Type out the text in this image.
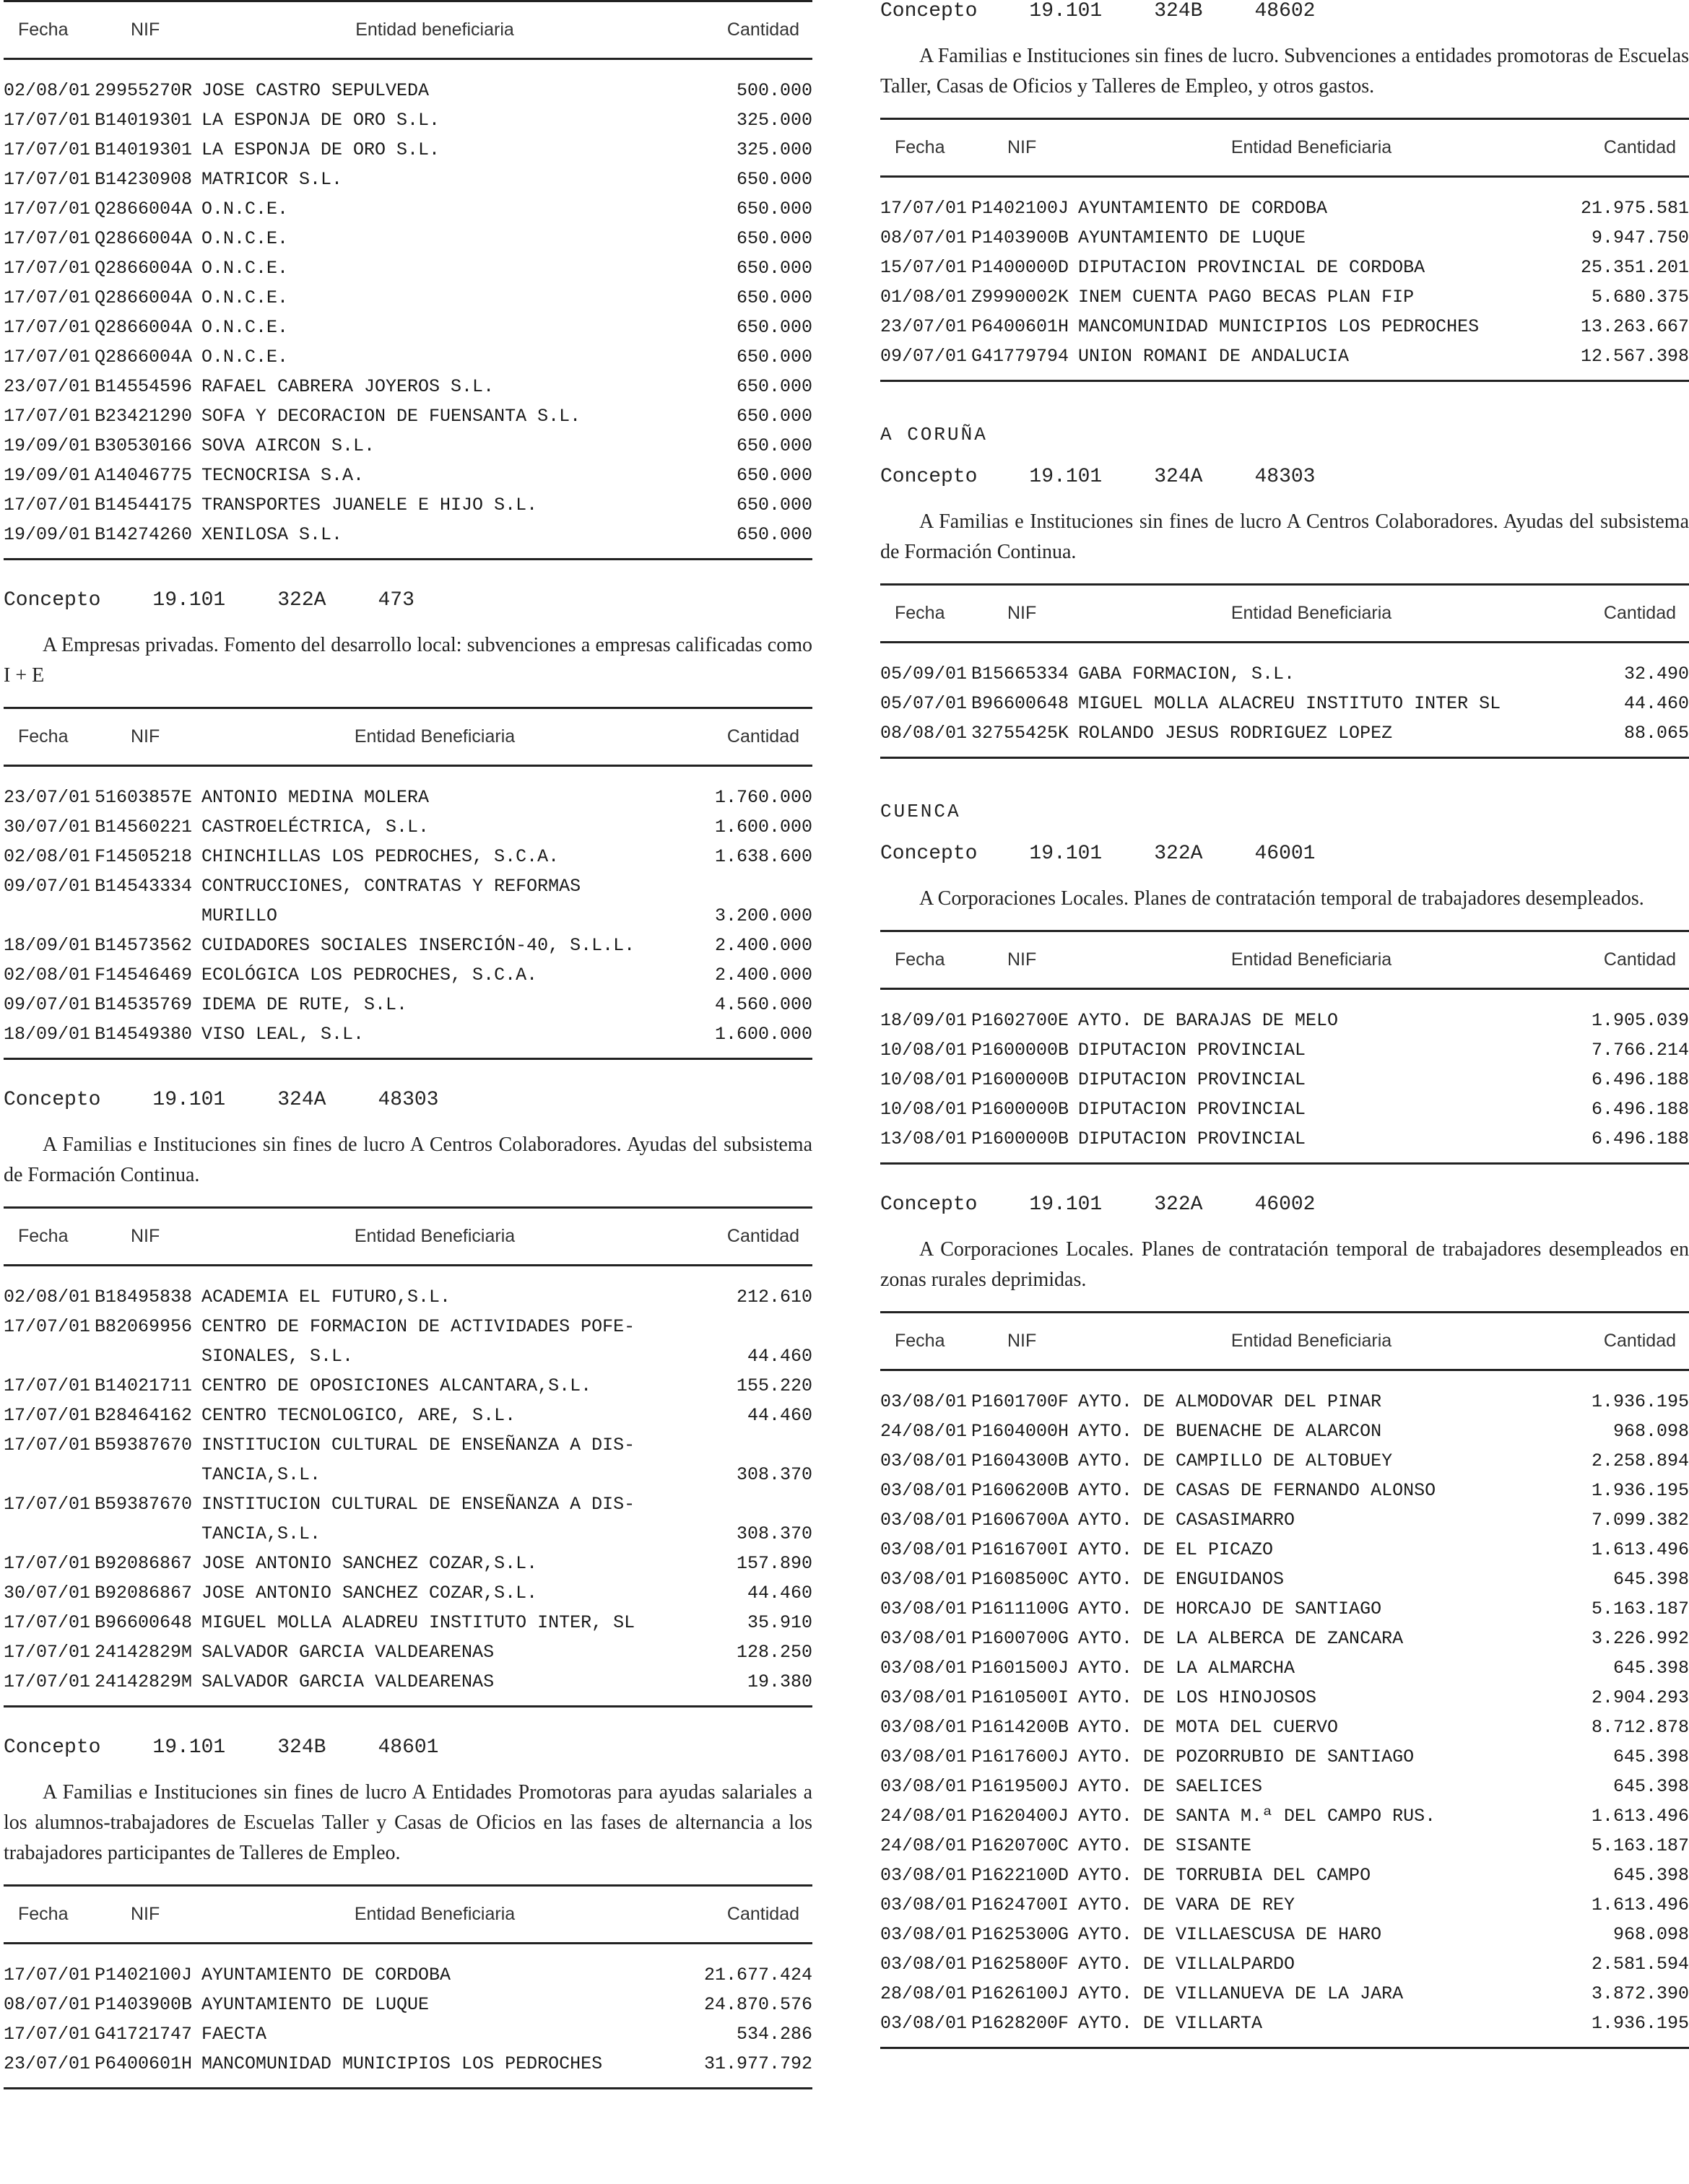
Fecha	NIF	Entidad beneficiaria	Cantidad
02/08/01 29955270R JOSE CASTRO SEPULVEDA	500.000
17/07/01 B14019301 LA ESPONJA DE ORO S.L.	325.000
17/07/01 B14019301 LA ESPONJA DE ORO S.L.	325.000
17/07/01 B14230908 MATRICOR S.L.	650.000
17/07/01 Q2866004A O.N.C.E.	650.000
17/07/01 Q2866004A O.N.C.E.	650.000
17/07/01 Q2866004A O.N.C.E.	650.000
17/07/01 Q2866004A O.N.C.E.	650.000
17/07/01 Q2866004A O.N.C.E.	650.000
17/07/01 Q2866004A O.N.C.E.	650.000
23/07/01 B14554596 RAFAEL CABRERA JOYEROS S.L.	650.000
17/07/01 B23421290 SOFA Y DECORACION DE FUENSANTA S.L.	650.000
19/09/01 B30530166 SOVA AIRCON S.L.	650.000
19/09/01 A14046775 TECNOCRISA S.A.	650.000
17/07/01 B14544175 TRANSPORTES JUANELE E HIJO S.L.	650.000
19/09/01 B14274260 XENILOSA S.L.	650.000
Concepto	19.101	322A	473
A Empresas privadas. Fomento del desarrollo local: subvenciones a empresas calificadas como I + E
Fecha	NIF	Entidad Beneficiaria	Cantidad
23/07/01 51603857E ANTONIO MEDINA MOLERA	1.760.000
30/07/01 B14560221 CASTROELÉCTRICA, S.L.	1.600.000
02/08/01 F14505218 CHINCHILLAS LOS PEDROCHES, S.C.A.	1.638.600
09/07/01 B14543334 CONTRUCCIONES, CONTRATAS Y REFORMAS
MURILLO	3.200.000
18/09/01 B14573562 CUIDADORES SOCIALES INSERCIÓN-40, S.L.L.	2.400.000
02/08/01 F14546469 ECOLÓGICA LOS PEDROCHES, S.C.A.	2.400.000
09/07/01 B14535769 IDEMA DE RUTE, S.L.	4.560.000
18/09/01 B14549380 VISO LEAL, S.L.	1.600.000
Concepto	19.101	324A	48303
A Familias e Instituciones sin fines de lucro A Centros Colaboradores. Ayudas del subsistema de Formación Continua.
Fecha	NIF	Entidad Beneficiaria	Cantidad
02/08/01 B18495838 ACADEMIA EL FUTURO,S.L.	212.610
17/07/01 B82069956 CENTRO DE FORMACION DE ACTIVIDADES POFE-
SIONALES, S.L.	44.460
17/07/01 B14021711 CENTRO DE OPOSICIONES ALCANTARA,S.L.	155.220
17/07/01 B28464162 CENTRO TECNOLOGICO, ARE, S.L.	44.460
17/07/01 B59387670 INSTITUCION CULTURAL DE ENSEÑANZA A DIS-
TANCIA,S.L.	308.370
17/07/01 B59387670 INSTITUCION CULTURAL DE ENSEÑANZA A DIS-
TANCIA,S.L.	308.370
17/07/01 B92086867 JOSE ANTONIO SANCHEZ COZAR,S.L.	157.890
30/07/01 B92086867 JOSE ANTONIO SANCHEZ COZAR,S.L.	44.460
17/07/01 B96600648 MIGUEL MOLLA ALADREU INSTITUTO INTER, SL	35.910
17/07/01 24142829M SALVADOR GARCIA VALDEARENAS	128.250
17/07/01 24142829M SALVADOR GARCIA VALDEARENAS	19.380
Concepto	19.101	324B	48601
A Familias e Instituciones sin fines de lucro A Entidades Promotoras para ayudas salariales a los alumnos-trabajadores de Escuelas Taller y Casas de Oficios en las fases de alternancia a los trabajadores participantes de Talleres de Empleo.
Fecha	NIF	Entidad Beneficiaria	Cantidad
17/07/01 P1402100J AYUNTAMIENTO DE CORDOBA	21.677.424
08/07/01 P1403900B AYUNTAMIENTO DE LUQUE	24.870.576
17/07/01 G41721747 FAECTA	534.286
23/07/01 P6400601H MANCOMUNIDAD MUNICIPIOS LOS PEDROCHES	31.977.792
Concepto	19.101	324B	48602
A Familias e Instituciones sin fines de lucro. Subvenciones a entidades promotoras de Escuelas Taller, Casas de Oficios y Talleres de Empleo, y otros gastos.
Fecha	NIF	Entidad Beneficiaria	Cantidad
17/07/01 P1402100J AYUNTAMIENTO DE CORDOBA	21.975.581
08/07/01 P1403900B AYUNTAMIENTO DE LUQUE	9.947.750
15/07/01 P1400000D DIPUTACION PROVINCIAL DE CORDOBA	25.351.201
01/08/01 Z9990002K INEM CUENTA PAGO BECAS PLAN FIP	5.680.375
23/07/01 P6400601H MANCOMUNIDAD MUNICIPIOS LOS PEDROCHES	13.263.667
09/07/01 G41779794 UNION ROMANI DE ANDALUCIA	12.567.398
A CORUÑA
Concepto	19.101	324A	48303
A Familias e Instituciones sin fines de lucro A Centros Colaboradores. Ayudas del subsistema de Formación Continua.
Fecha	NIF	Entidad Beneficiaria	Cantidad
05/09/01 B15665334 GABA FORMACION, S.L.	32.490
05/07/01 B96600648 MIGUEL MOLLA ALACREU INSTITUTO INTER SL	44.460
08/08/01 32755425K ROLANDO JESUS RODRIGUEZ LOPEZ	88.065
CUENCA
Concepto	19.101	322A	46001
A Corporaciones Locales. Planes de contratación temporal de trabajadores desempleados.
Fecha	NIF	Entidad Beneficiaria	Cantidad
18/09/01 P1602700E AYTO. DE BARAJAS DE MELO	1.905.039
10/08/01 P1600000B DIPUTACION PROVINCIAL	7.766.214
10/08/01 P1600000B DIPUTACION PROVINCIAL	6.496.188
10/08/01 P1600000B DIPUTACION PROVINCIAL	6.496.188
13/08/01 P1600000B DIPUTACION PROVINCIAL	6.496.188
Concepto	19.101	322A	46002
A Corporaciones Locales. Planes de contratación temporal de trabajadores desempleados en zonas rurales deprimidas.
Fecha	NIF	Entidad Beneficiaria	Cantidad
03/08/01 P1601700F AYTO. DE ALMODOVAR DEL PINAR	1.936.195
24/08/01 P1604000H AYTO. DE BUENACHE DE ALARCON	968.098
03/08/01 P1604300B AYTO. DE CAMPILLO DE ALTOBUEY	2.258.894
03/08/01 P1606200B AYTO. DE CASAS DE FERNANDO ALONSO	1.936.195
03/08/01 P1606700A AYTO. DE CASASIMARRO	7.099.382
03/08/01 P1616700I AYTO. DE EL PICAZO	1.613.496
03/08/01 P1608500C AYTO. DE ENGUIDANOS	645.398
03/08/01 P1611100G AYTO. DE HORCAJO DE SANTIAGO	5.163.187
03/08/01 P1600700G AYTO. DE LA ALBERCA DE ZANCARA	3.226.992
03/08/01 P1601500J AYTO. DE LA ALMARCHA	645.398
03/08/01 P1610500I AYTO. DE LOS HINOJOSOS	2.904.293
03/08/01 P1614200B AYTO. DE MOTA DEL CUERVO	8.712.878
03/08/01 P1617600J AYTO. DE POZORRUBIO DE SANTIAGO	645.398
03/08/01 P1619500J AYTO. DE SAELICES	645.398
24/08/01 P1620400J AYTO. DE SANTA M.ª DEL CAMPO RUS.	1.613.496
24/08/01 P1620700C AYTO. DE SISANTE	5.163.187
03/08/01 P1622100D AYTO. DE TORRUBIA DEL CAMPO	645.398
03/08/01 P1624700I AYTO. DE VARA DE REY	1.613.496
03/08/01 P1625300G AYTO. DE VILLAESCUSA DE HARO	968.098
03/08/01 P1625800F AYTO. DE VILLALPARDO	2.581.594
28/08/01 P1626100J AYTO. DE VILLANUEVA DE LA JARA	3.872.390
03/08/01 P1628200F AYTO. DE VILLARTA	1.936.195
